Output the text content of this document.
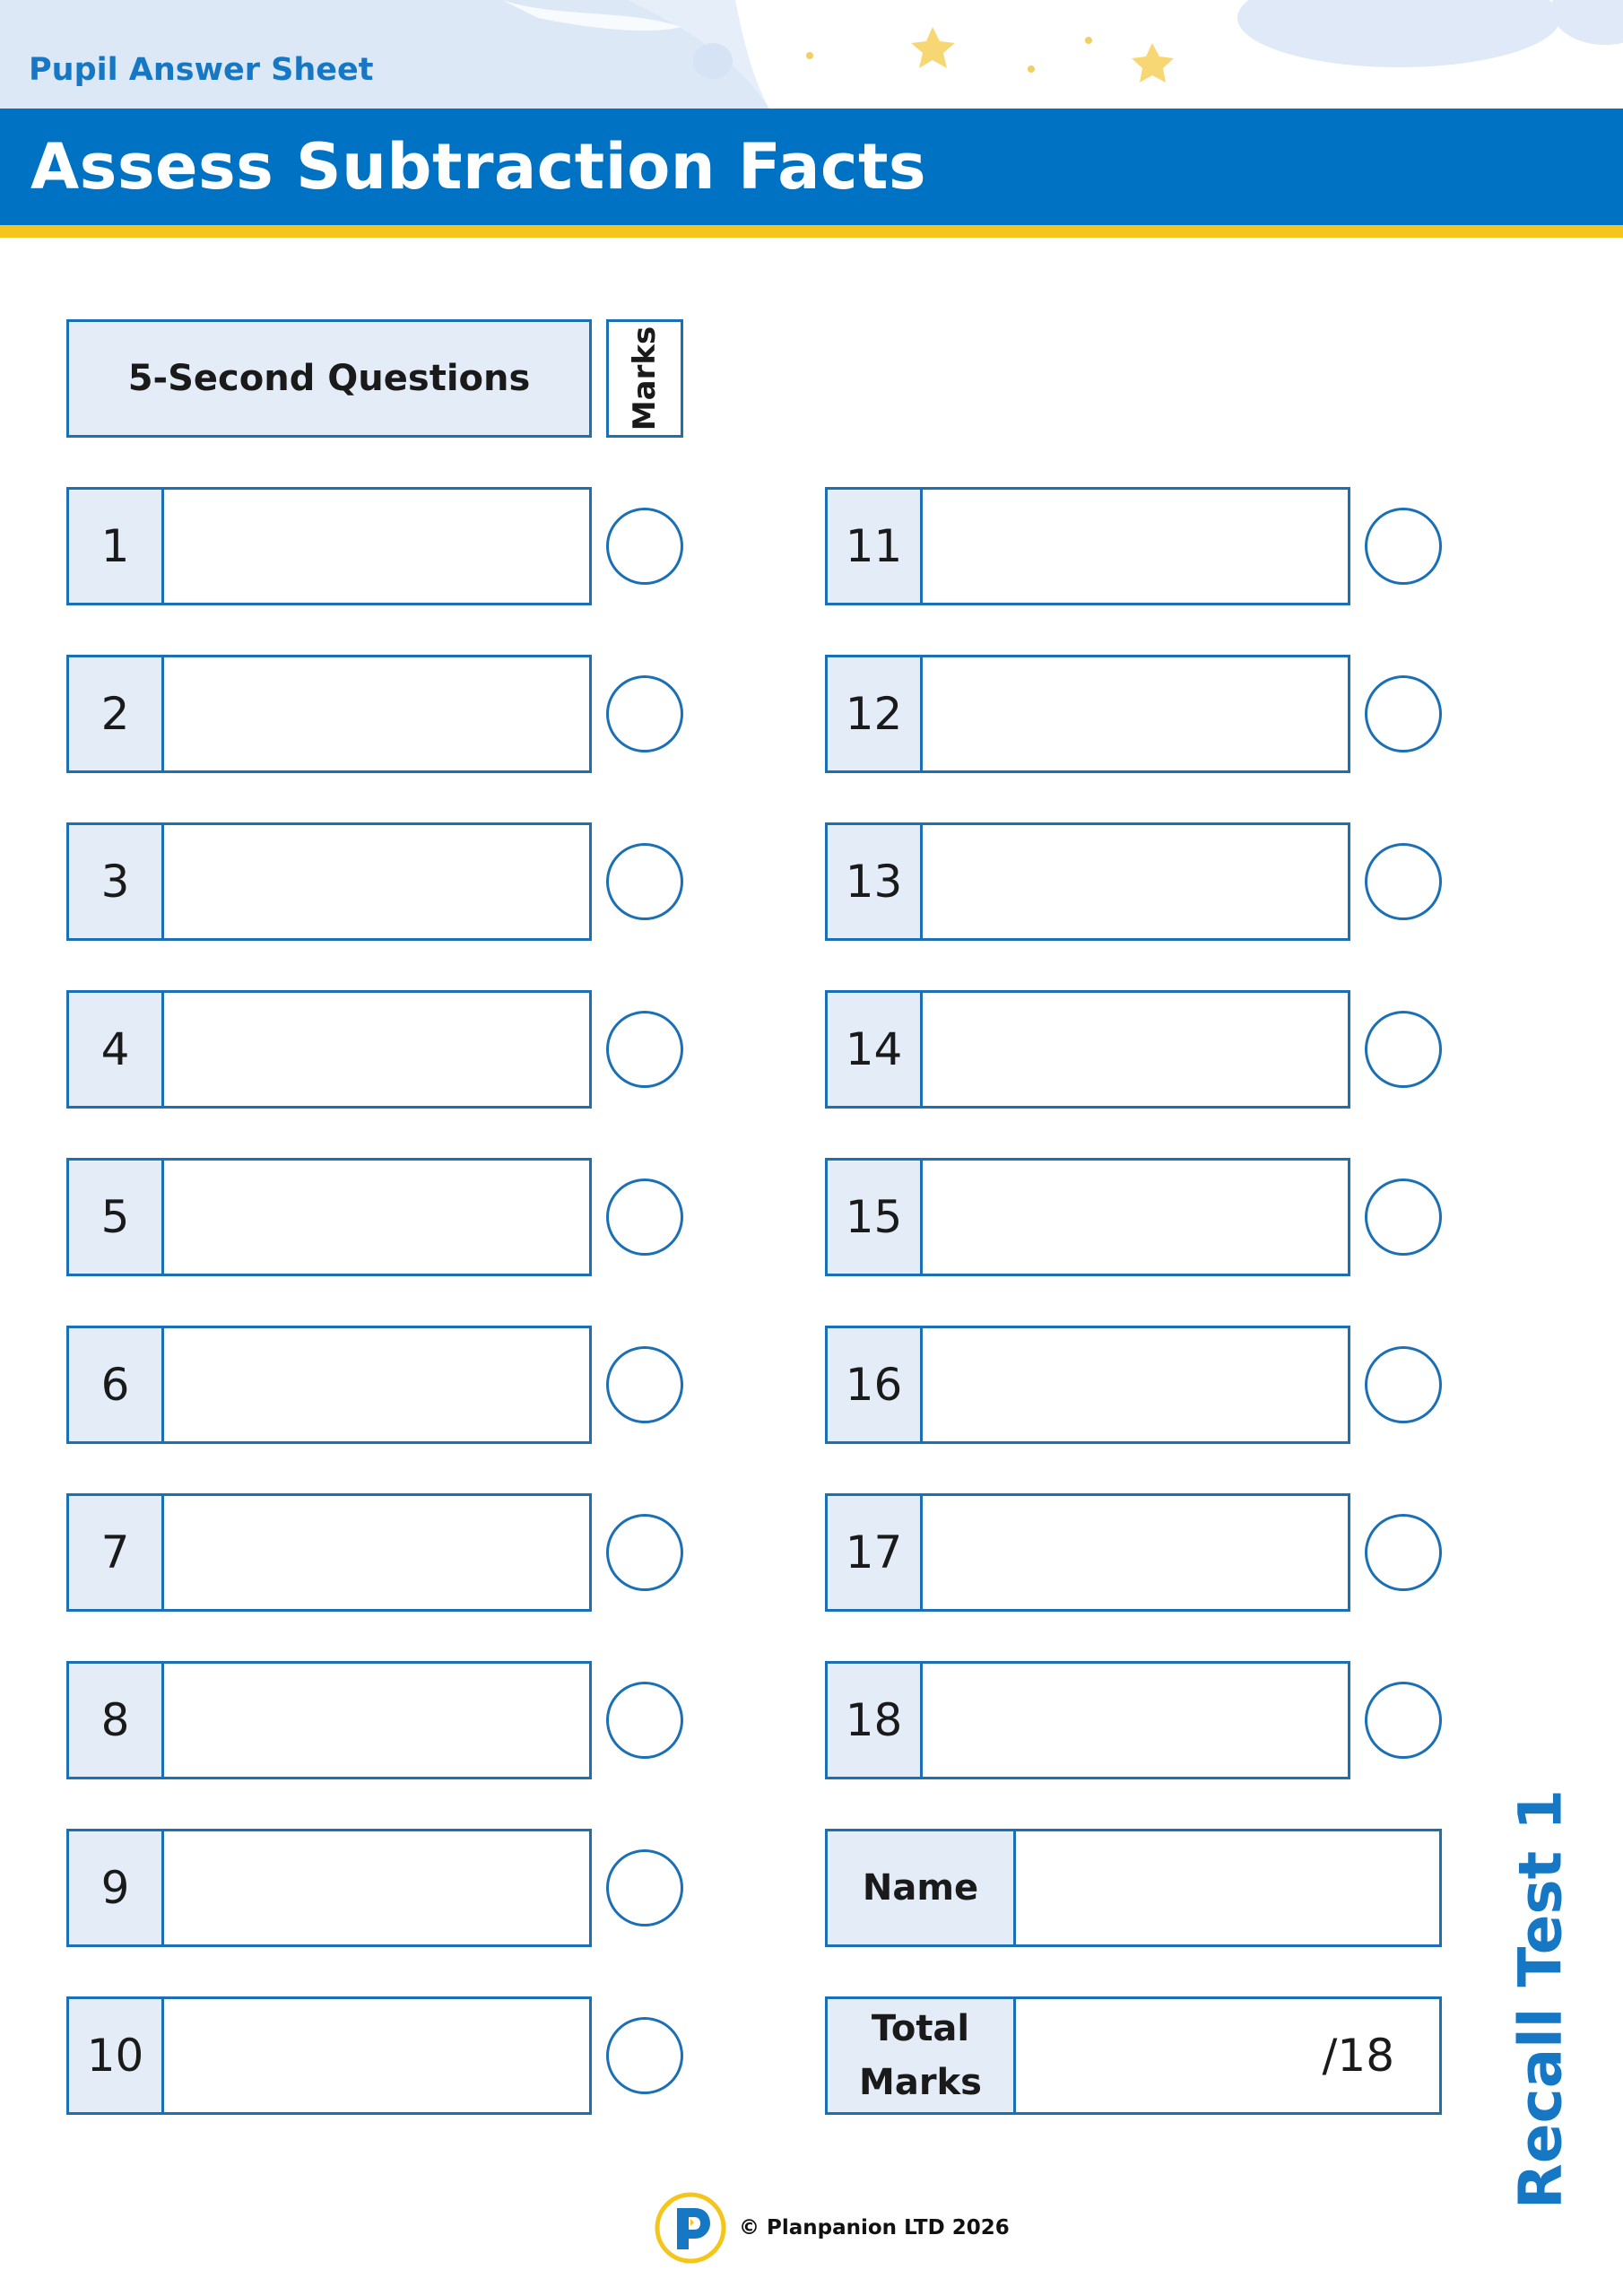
Pupil Answer Sheet
Assess Subtraction Facts
5-Second Questions	Marks
1
2
3
4
5
6
7
8
9
10
11
12
13
14
15
16
17
18
Name
Total
Marks
/18 Recall Test 1
© Planpanion LTD 2026
